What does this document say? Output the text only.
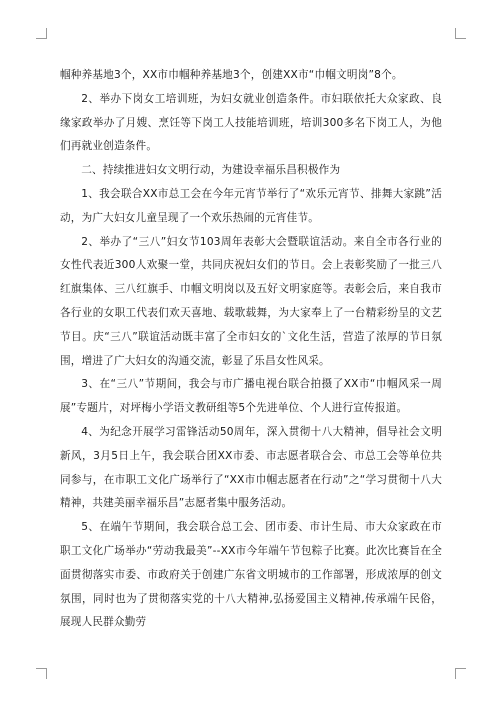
帼种养基地3个，XX市巾帼种养基地3个，创建XX市“巾帼文明岗”8个。

2、举办下岗女工培训班，为妇女就业创造条件。市妇联依托大众家政、良缘家政举办了月嫂、烹饪等下岗工人技能培训班，培训300多名下岗工人，为他们再就业创造条件。

二、持续推进妇女文明行动，为建设幸福乐昌积极作为

1、我会联合XX市总工会在今年元宵节举行了“欢乐元宵节、排舞大家跳”活动，为广大妇女儿童呈现了一个欢乐热闹的元宵佳节。

2、举办了“三八”妇女节103周年表彰大会暨联谊活动。来自全市各行业的女性代表近300人欢聚一堂，共同庆祝妇女们的节日。会上表彰奖励了一批三八红旗集体、三八红旗手、巾帼文明岗以及五好文明家庭等。表彰会后，来自我市各行业的女职工代表们欢天喜地、载歌载舞，为大家奉上了一台精彩纷呈的文艺节目。庆“三八”联谊活动既丰富了全市妇女的`文化生活，营造了浓厚的节日氛围，增进了广大妇女的沟通交流，彰显了乐昌女性风采。

3、在“三八”节期间，我会与市广播电视台联合拍摄了XX市“巾帼风采一周展”专题片，对坪梅小学语文教研组等5个先进单位、个人进行宣传报道。

4、为纪念开展学习雷锋活动50周年，深入贯彻十八大精神，倡导社会文明新风，3月5日上午，我会联合团XX市委、市志愿者联合会、市总工会等单位共同参与，在市职工文化广场举行了“XX市巾帼志愿者在行动”之“学习贯彻十八大精神，共建美丽幸福乐昌”志愿者集中服务活动。

5、在端午节期间，我会联合总工会、团市委、市计生局、市大众家政在市职工文化广场举办“劳动我最美”--XX市今年端午节包粽子比赛。此次比赛旨在全面贯彻落实市委、市政府关于创建广东省文明城市的工作部署，形成浓厚的创文氛围，同时也为了贯彻落实党的十八大精神,弘扬爱国主义精神,传承端午民俗，展现人民群众勤劳
